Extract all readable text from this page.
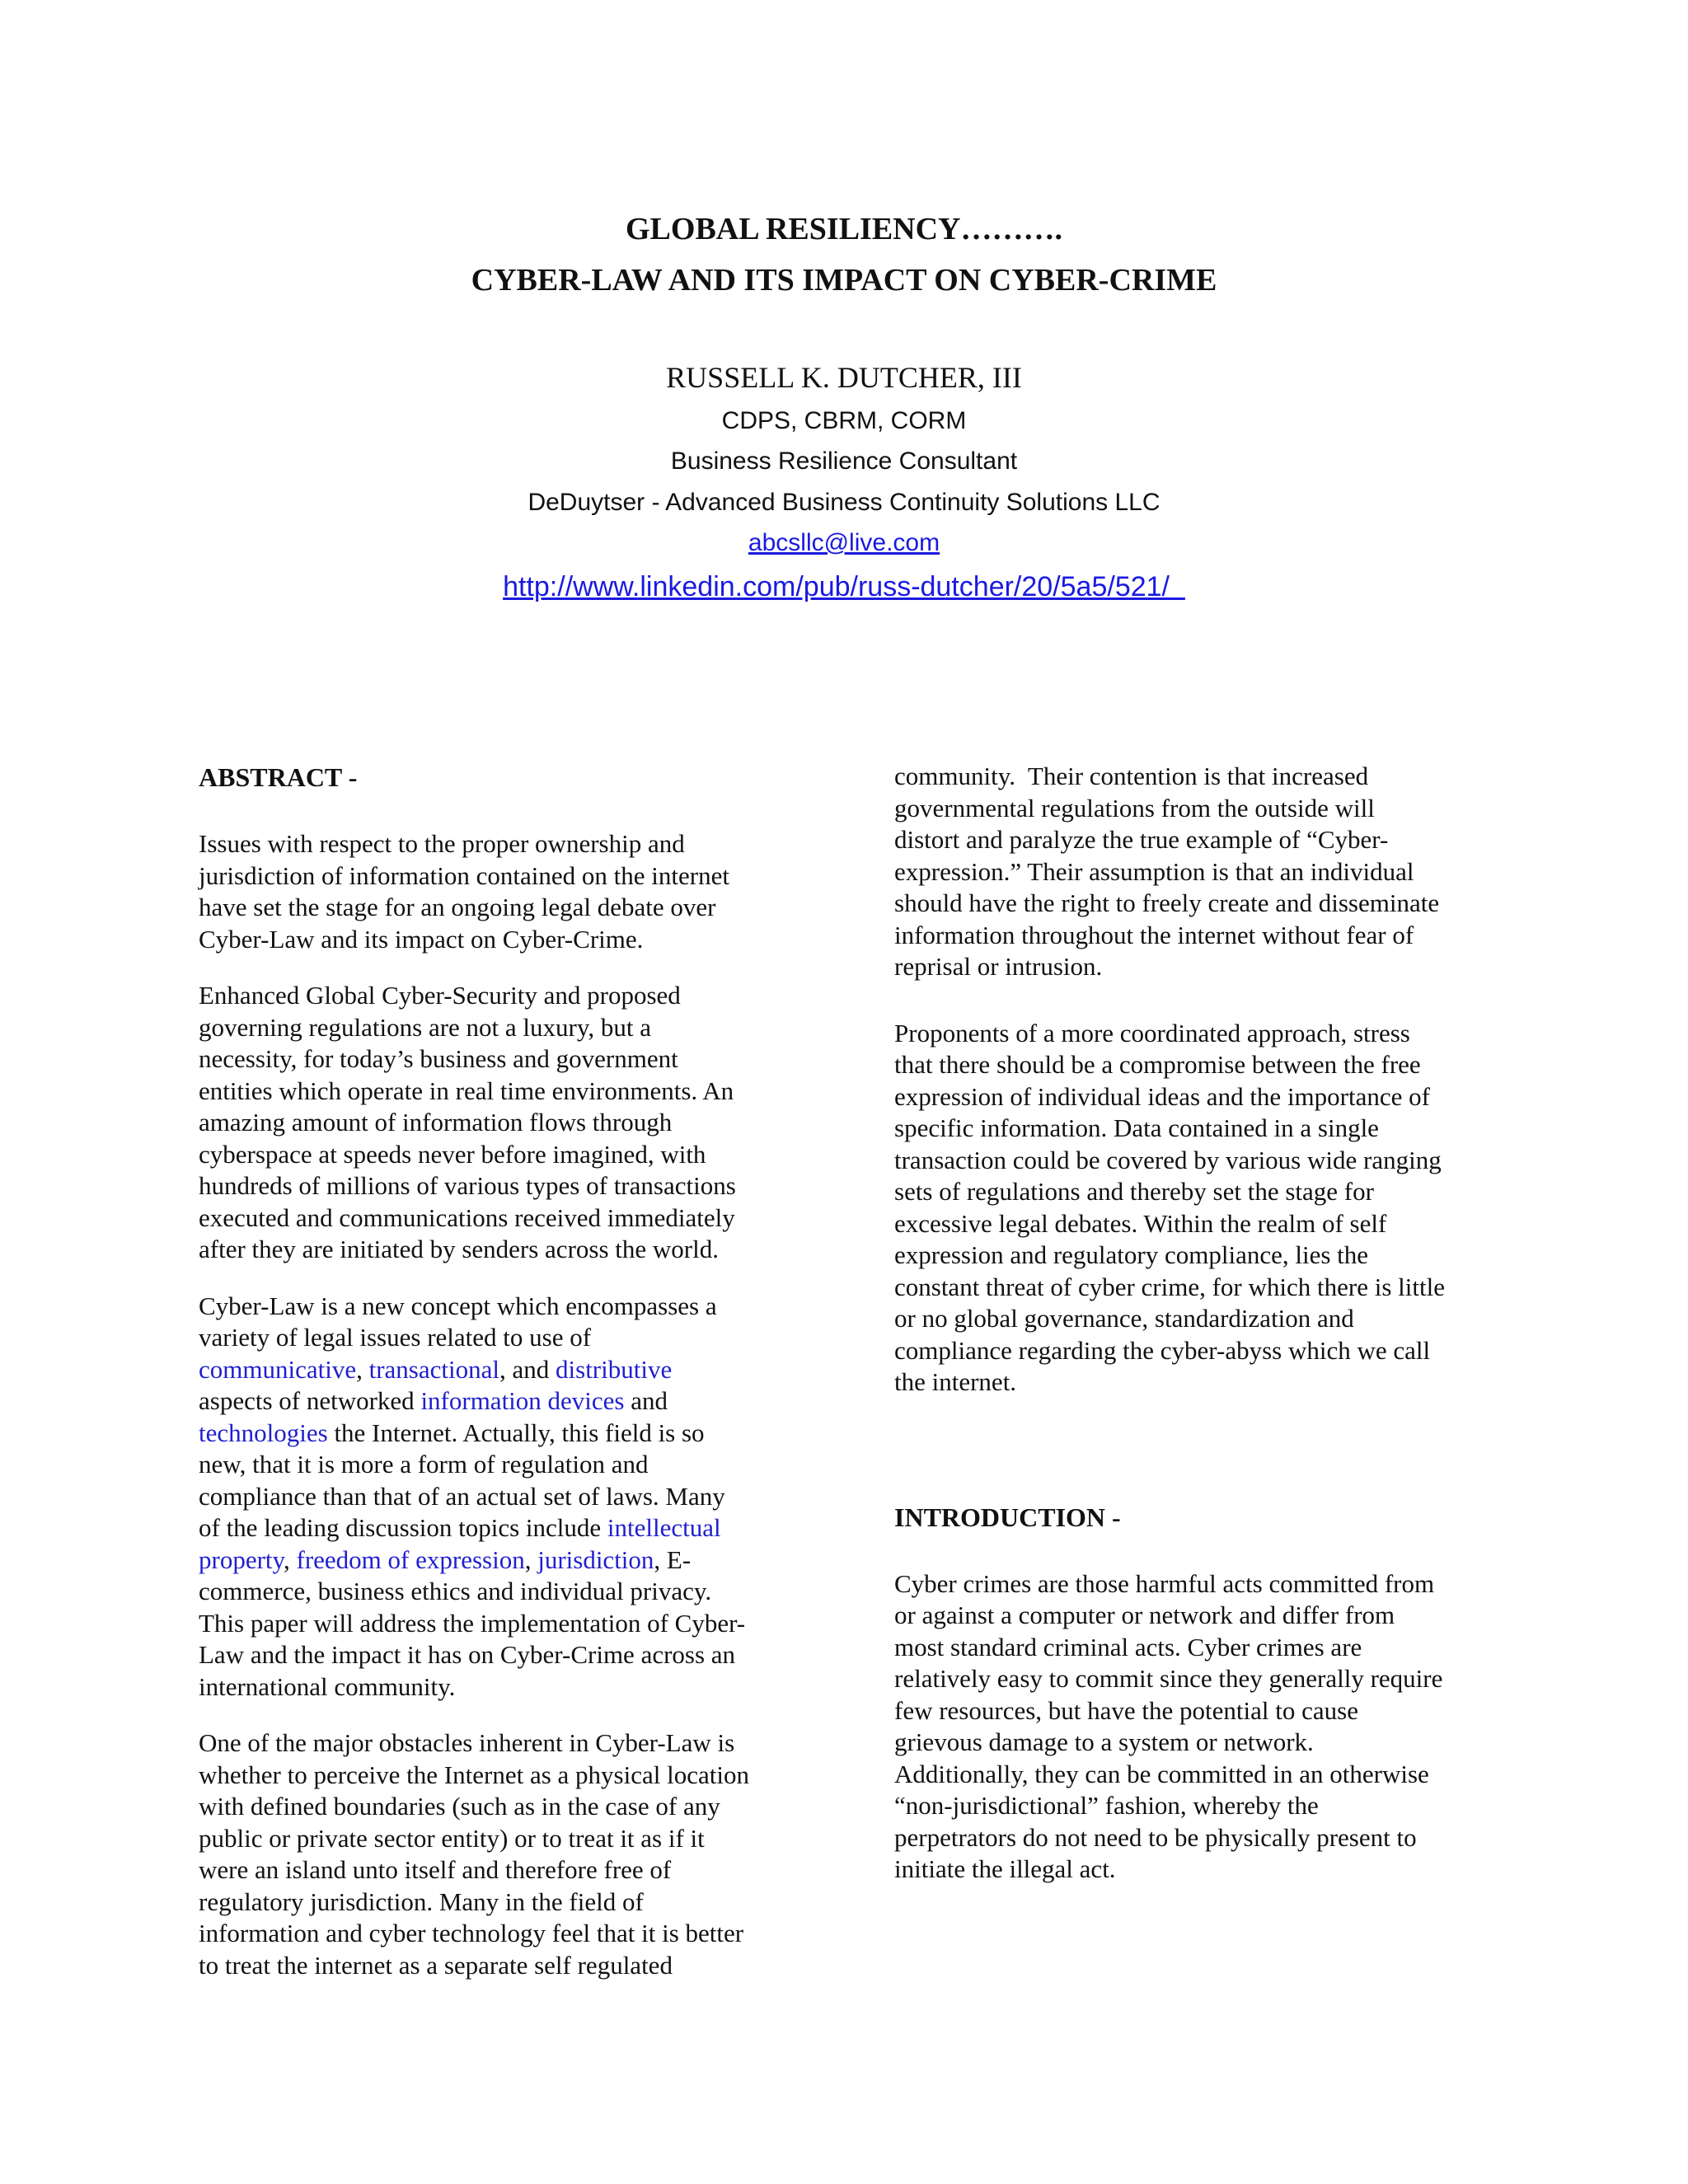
GLOBAL RESILIENCY……….
CYBER-LAW AND ITS IMPACT ON CYBER-CRIME
RUSSELL K. DUTCHER, III
CDPS, CBRM, CORM
Business Resilience Consultant
DeDuytser - Advanced Business Continuity Solutions LLC
abcsllc@live.com
http://www.linkedin.com/pub/russ-dutcher/20/5a5/521/

ABSTRACT -

Issues with respect to the proper ownership and

jurisdiction of information contained on the internet

have set the stage for an ongoing legal debate over

Cyber-Law and its impact on Cyber-Crime.

Enhanced Global Cyber-Security and proposed

governing regulations are not a luxury, but a

necessity, for today’s business and government

entities which operate in real time environments. An

amazing amount of information flows through

cyberspace at speeds never before imagined, with

hundreds of millions of various types of transactions

executed and communications received immediately

after they are initiated by senders across the world.

Cyber-Law is a new concept which encompasses a

variety of legal issues related to use of

communicative, transactional, and distributive

aspects of networked information devices and

technologies the Internet. Actually, this field is so

new, that it is more a form of regulation and

compliance than that of an actual set of laws. Many

of the leading discussion topics include intellectual

property, freedom of expression, jurisdiction, E-

commerce, business ethics and individual privacy.

This paper will address the implementation of Cyber-

Law and the impact it has on Cyber-Crime across an

international community.

One of the major obstacles inherent in Cyber-Law is

whether to perceive the Internet as a physical location

with defined boundaries (such as in the case of any

public or private sector entity) or to treat it as if it

were an island unto itself and therefore free of

regulatory jurisdiction. Many in the field of

information and cyber technology feel that it is better

to treat the internet as a separate self regulated

community.  Their contention is that increased

governmental regulations from the outside will

distort and paralyze the true example of “Cyber-

expression.” Their assumption is that an individual

should have the right to freely create and disseminate

information throughout the internet without fear of

reprisal or intrusion.

Proponents of a more coordinated approach, stress

that there should be a compromise between the free

expression of individual ideas and the importance of

specific information. Data contained in a single

transaction could be covered by various wide ranging

sets of regulations and thereby set the stage for

excessive legal debates. Within the realm of self

expression and regulatory compliance, lies the

constant threat of cyber crime, for which there is little

or no global governance, standardization and

compliance regarding the cyber-abyss which we call

the internet.

INTRODUCTION -

Cyber crimes are those harmful acts committed from

or against a computer or network and differ from

most standard criminal acts. Cyber crimes are

relatively easy to commit since they generally require

few resources, but have the potential to cause

grievous damage to a system or network.

Additionally, they can be committed in an otherwise

“non-jurisdictional” fashion, whereby the

perpetrators do not need to be physically present to

initiate the illegal act.
